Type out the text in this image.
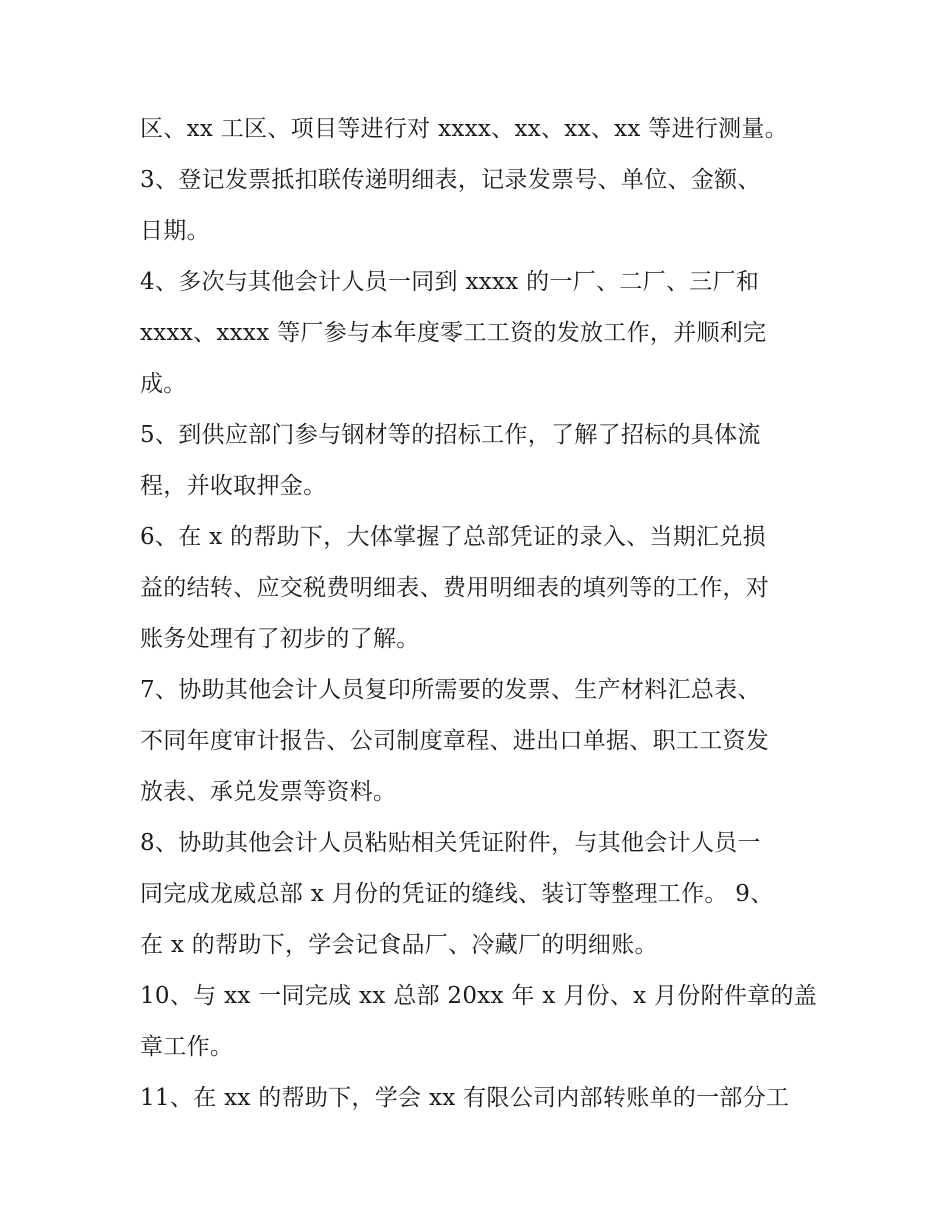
区、xx 工区、项目等进行对 xxxx、xx、xx、xx 等进行测量。
3、登记发票抵扣联传递明细表，记录发票号、单位、金额、
日期。
4、多次与其他会计人员一同到 xxxx 的一厂、二厂、三厂和
xxxx、xxxx 等厂参与本年度零工工资的发放工作，并顺利完
成。
5、到供应部门参与钢材等的招标工作，了解了招标的具体流
程，并收取押金。
6、在 x 的帮助下，大体掌握了总部凭证的录入、当期汇兑损
益的结转、应交税费明细表、费用明细表的填列等的工作，对
账务处理有了初步的了解。
7、协助其他会计人员复印所需要的发票、生产材料汇总表、
不同年度审计报告、公司制度章程、进出口单据、职工工资发
放表、承兑发票等资料。
8、协助其他会计人员粘贴相关凭证附件，与其他会计人员一
同完成龙威总部 x 月份的凭证的缝线、装订等整理工作。 9、
在 x 的帮助下，学会记食品厂、冷藏厂的明细账。
10、与 xx 一同完成 xx 总部 20xx 年 x 月份、x 月份附件章的盖
章工作。
11、在 xx 的帮助下，学会 xx 有限公司内部转账单的一部分工
